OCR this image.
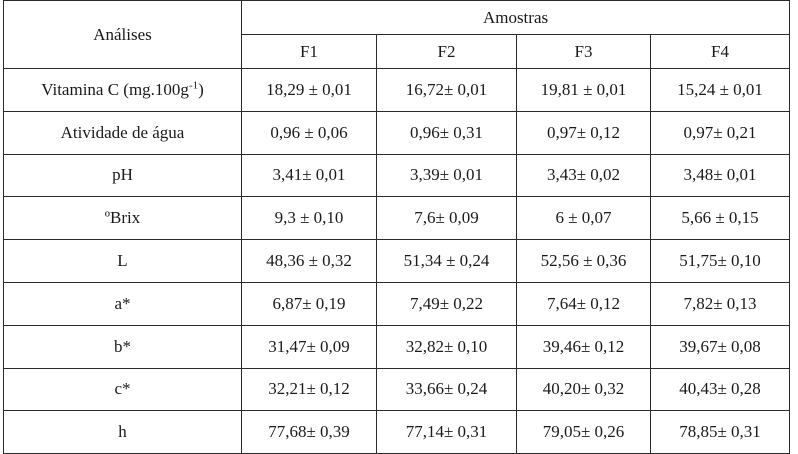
Análises	Amostras			
	F1	F2	F3	F4
Vitamina C $(mg.100g^{-1})$	18,29 ± 0,01	16,72± 0,01	19,81 ± 0,01	15,24 ± 0,01
Atividade de água	0,96 ± 0,06	0,96± 0,31	0,97± 0,12	0,97± 0,21
pH	3,41± 0,01	3,39± 0,01	3,43± 0,02	3,48± 0,01
ºBrix	9,3 ± 0,10	7,6± 0,09	6 ± 0,07	5,66 ± 0,15
L	48,36 ± 0,32	51,34 ± 0,24	52,56 ± 0,36	51,75± 0,10
a*	6,87± 0,19	7,49± 0,22	7,64± 0,12	7,82± 0,13
b*	31,47± 0,09	32,82± 0,10	39,46± 0,12	39,67± 0,08
c*	32,21± 0,12	33,66± 0,24	40,20± 0,32	40,43± 0,28
h	77,68± 0,39	77,14± 0,31	79,05± 0,26	78,85± 0,31
